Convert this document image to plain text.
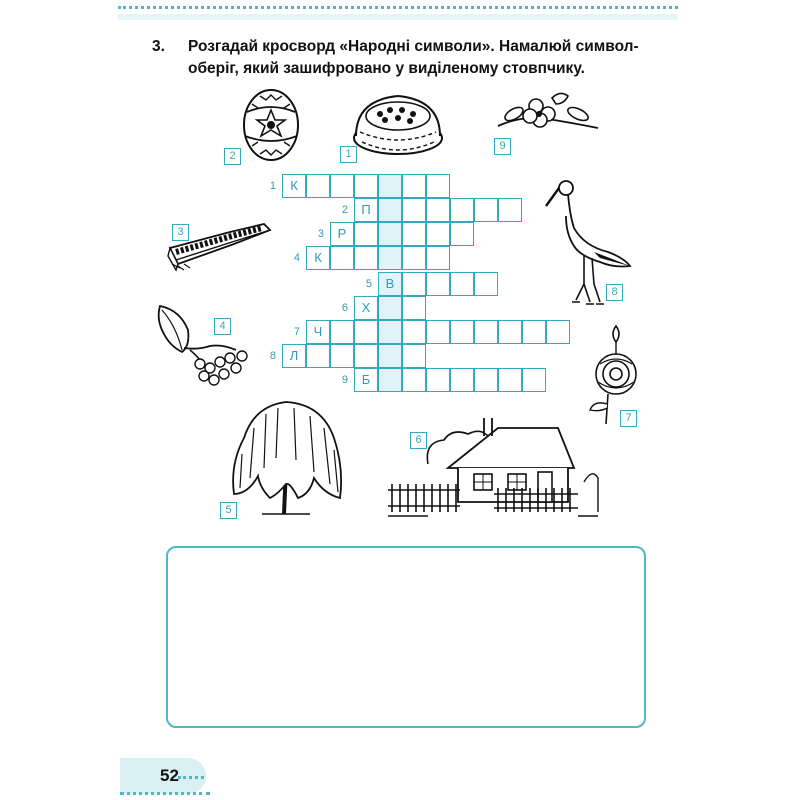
3. Розгадай кросворд «Народні символи». Намалюй символ-оберіг, який зашифровано у виділеному стовпчику.
2	1
9
3
8
4
7
5
6
1	К
2	П
3	Р
4	К
5	В
6	Х
7	Ч
8	Л
9	Б
52
